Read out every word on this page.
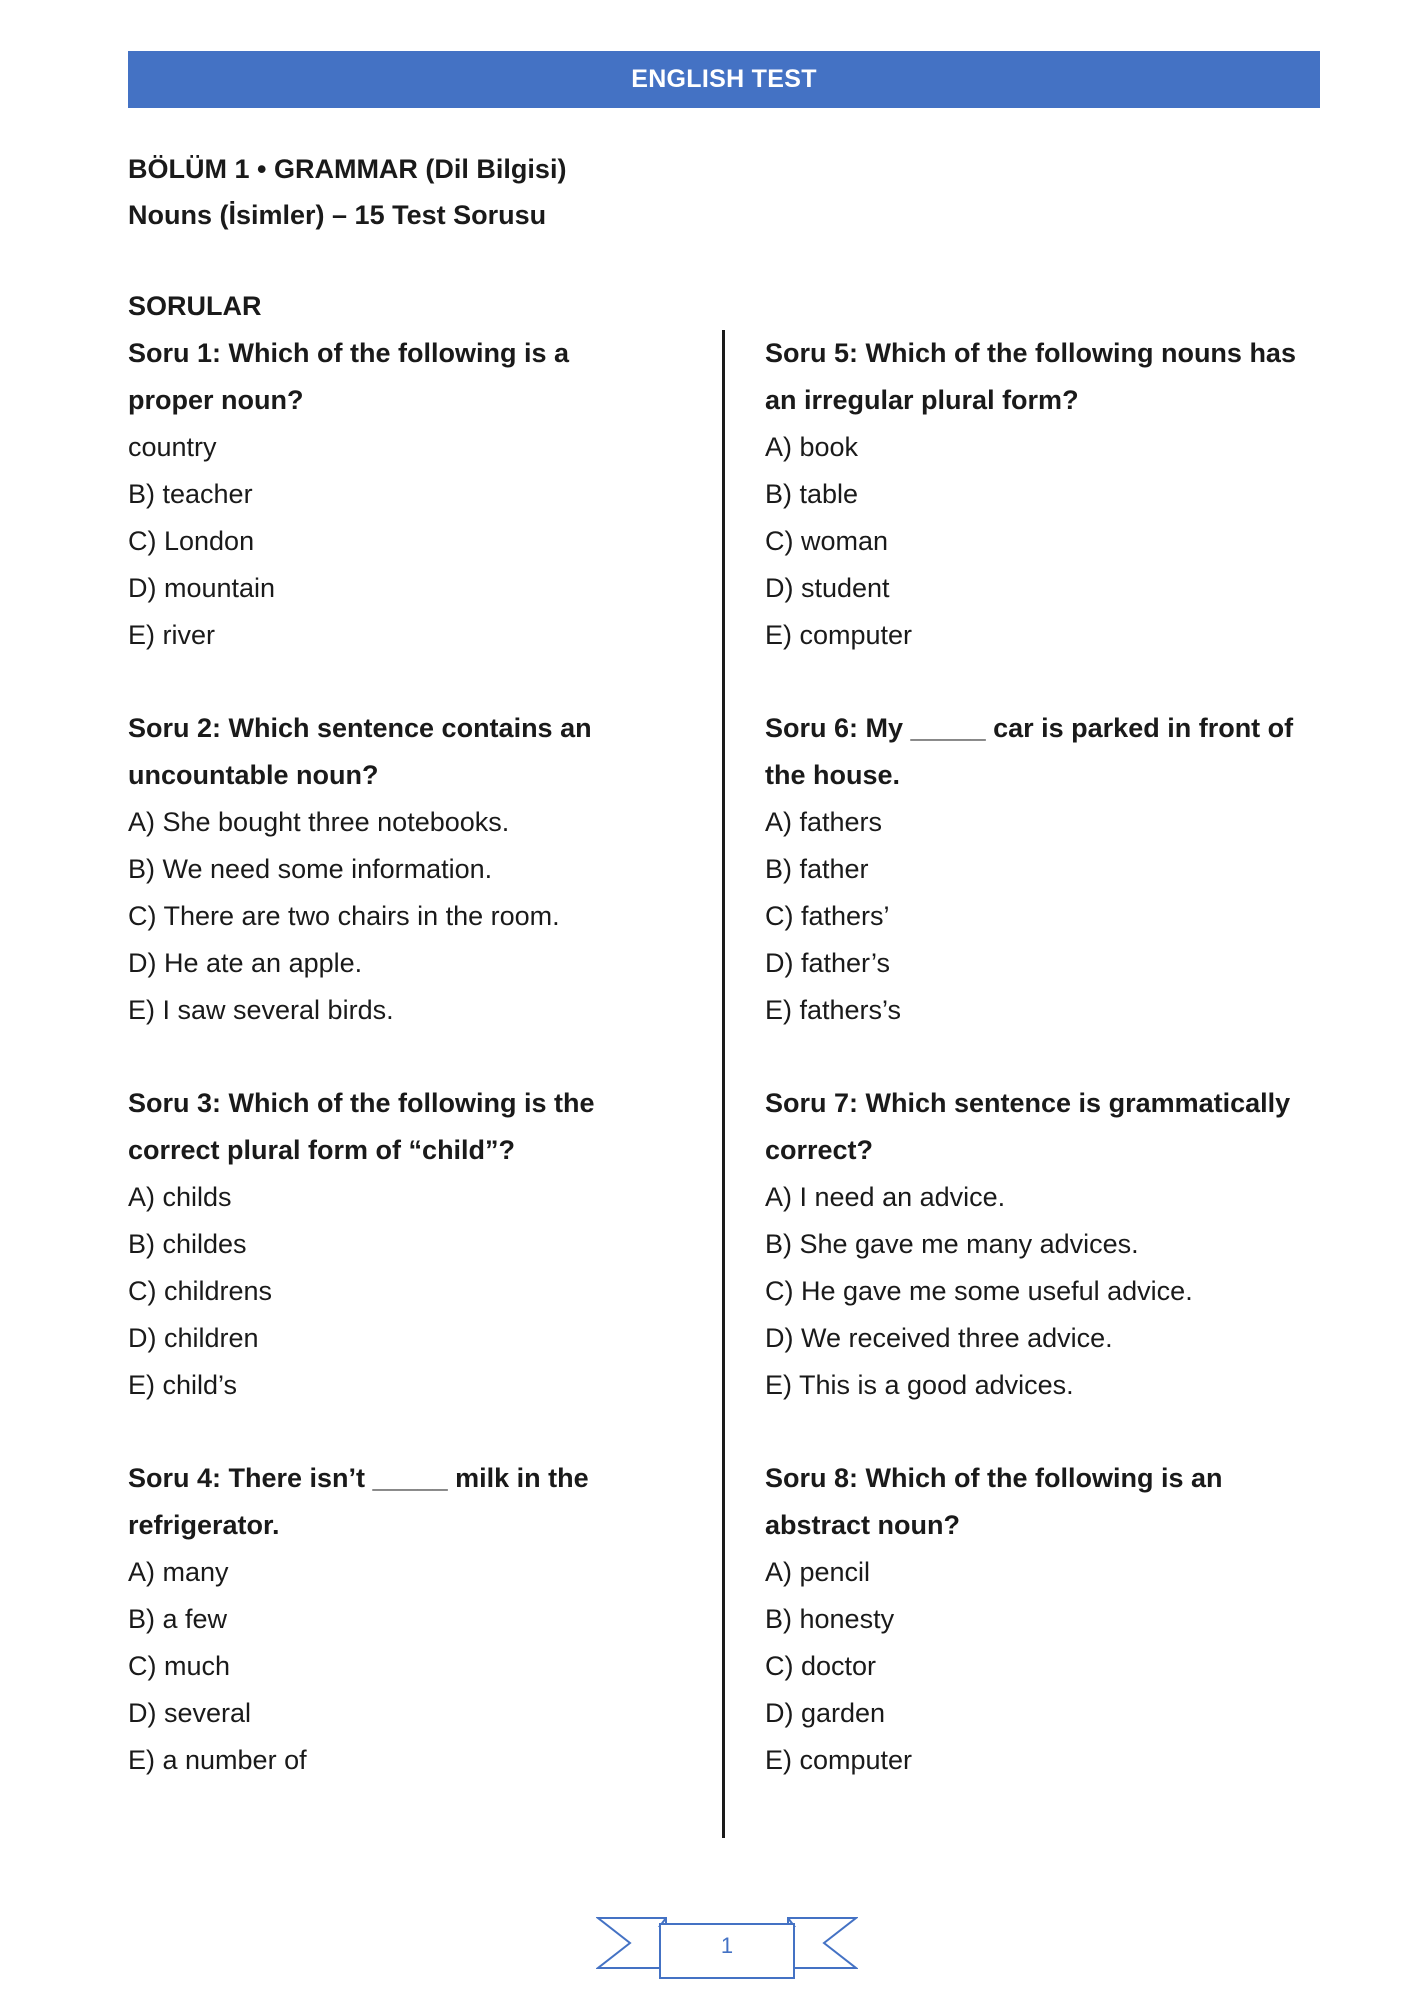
ENGLISH TEST
BÖLÜM 1 • GRAMMAR (Dil Bilgisi)
Nouns (İsimler) – 15 Test Sorusu
SORULAR

Soru 1: Which of the following is a proper noun?

country

B) teacher

C) London

D) mountain

E) river

Soru 2: Which sentence contains an uncountable noun?

A) She bought three notebooks.

B) We need some information.

C) There are two chairs in the room.

D) He ate an apple.

E) I saw several birds.

Soru 3: Which of the following is the correct plural form of “child”?

A) childs

B) childes

C) childrens

D) children

E) child’s

Soru 4: There isn’t _____ milk in the refrigerator.

A) many

B) a few

C) much

D) several

E) a number of

Soru 5: Which of the following nouns has an irregular plural form?

A) book

B) table

C) woman

D) student

E) computer

Soru 6: My _____ car is parked in front of the house.

A) fathers

B) father

C) fathers’

D) father’s

E) fathers’s

Soru 7: Which sentence is grammatically correct?

A) I need an advice.

B) She gave me many advices.

C) He gave me some useful advice.

D) We received three advice.

E) This is a good advices.

Soru 8: Which of the following is an abstract noun?

A) pencil

B) honesty

C) doctor

D) garden

E) computer

1
